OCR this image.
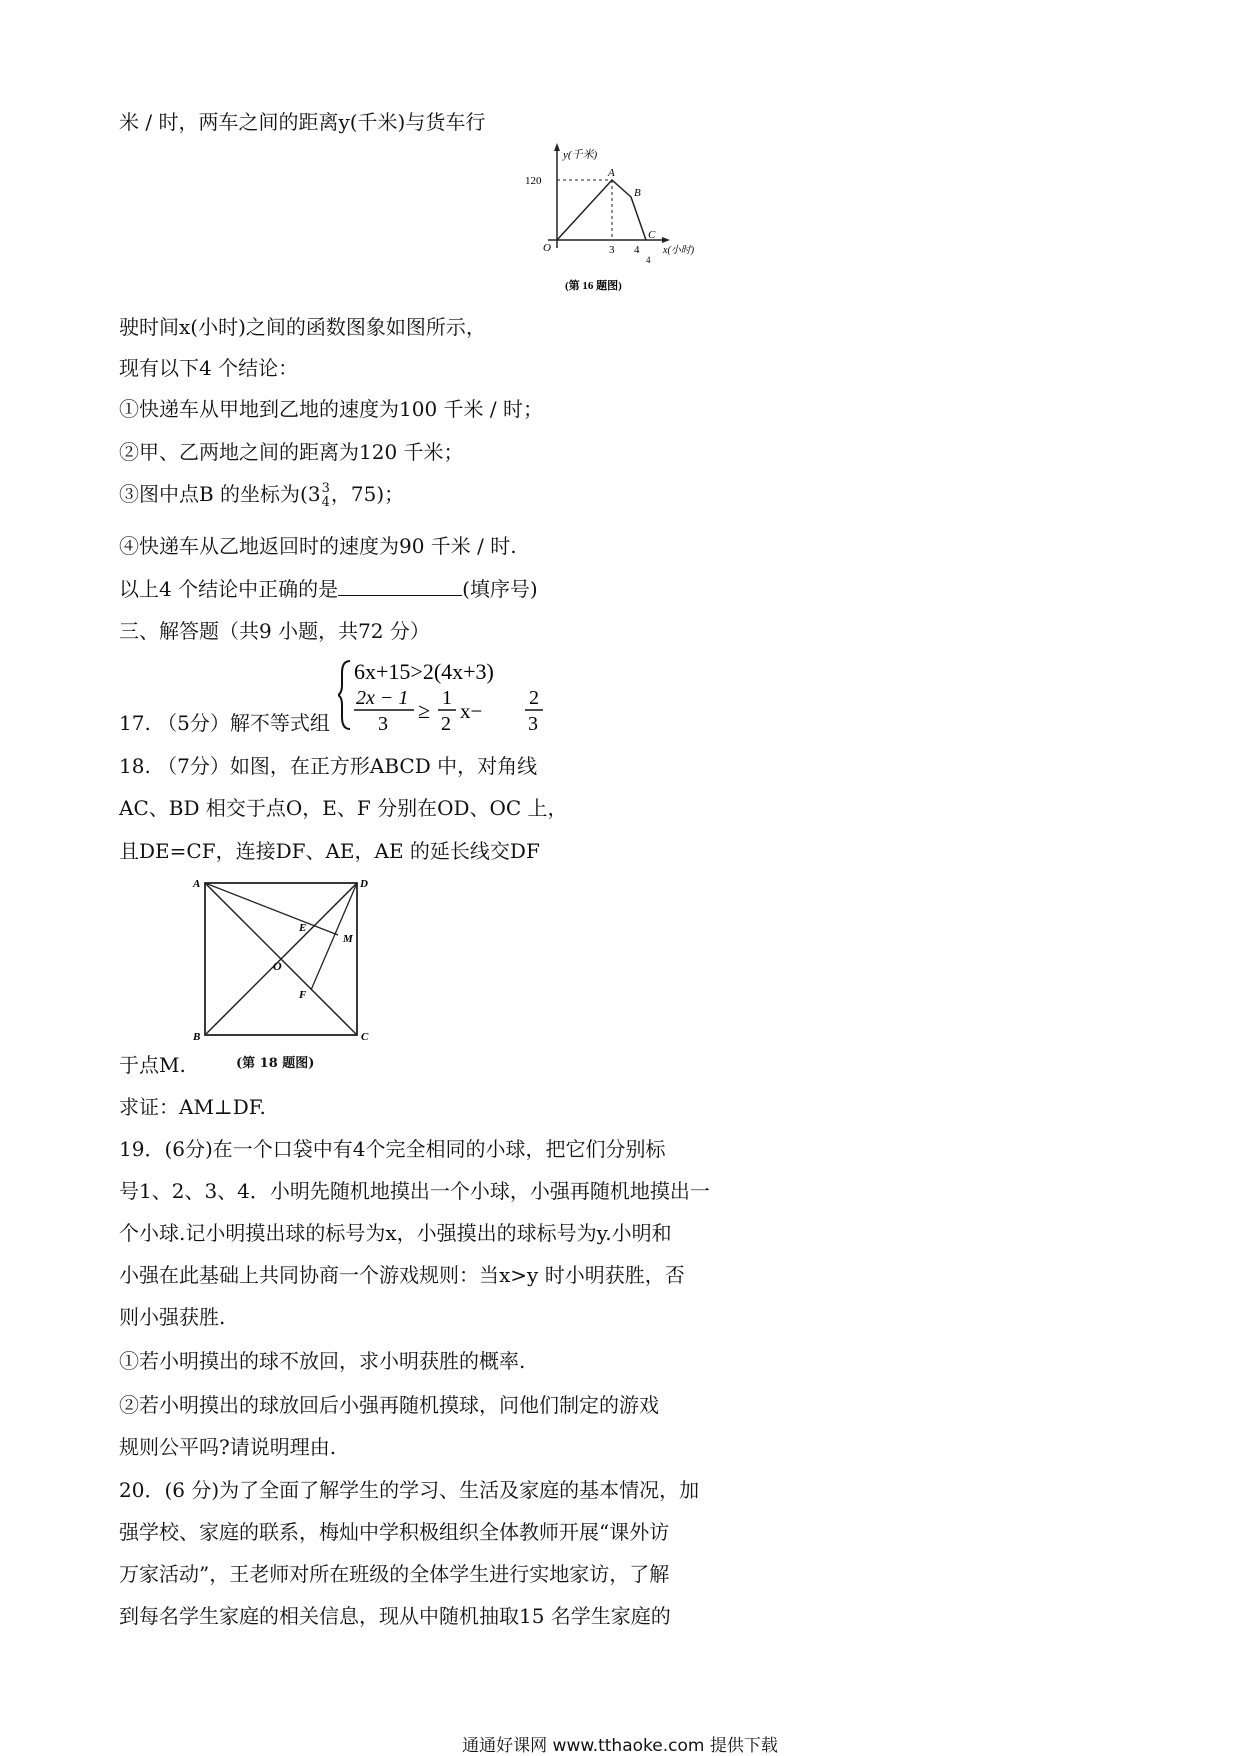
米 / 时，两车之间的距离y(千米)与货车行
y(千米)
120
A
B
C
O	3 4
4
x(小时)
(第 16 题图)
驶时间x(小时)之间的函数图象如图所示，
现有以下4 个结论：
①快递车从甲地到乙地的速度为100 千米 / 时；
②甲、乙两地之间的距离为120 千米；
③图中点B 的坐标为(3 3
4 ，75)；
④快递车从乙地返回时的速度为90 千米 / 时.
以上4 个结论中正确的是	(填序号)
三、解答题（共9 小题，共72 分）
6x+15>2(4x+3)
2x − 1
3
≥ 1
2
x−
2
3
17. （5分）解不等式组
18. （7分）如图，在正方形ABCD 中，对角线
AC、BD 相交于点O，E、F 分别在OD、OC 上，
且DE=CF，连接DF、AE，AE 的延长线交DF
A	D
B	C
E
M
O
F
于点M.	(第 18 题图)
求证：AM⊥DF.
19．(6分)在一个口袋中有4个完全相同的小球，把它们分别标
号1、2、3、4．小明先随机地摸出一个小球，小强再随机地摸出一
个小球.记小明摸出球的标号为x，小强摸出的球标号为y.小明和
小强在此基础上共同协商一个游戏规则：当x>y 时小明获胜，否
则小强获胜.
①若小明摸出的球不放回，求小明获胜的概率.
②若小明摸出的球放回后小强再随机摸球，问他们制定的游戏
规则公平吗?请说明理由.
20．(6 分)为了全面了解学生的学习、生活及家庭的基本情况，加
强学校、家庭的联系，梅灿中学积极组织全体教师开展“课外访
万家活动”，王老师对所在班级的全体学生进行实地家访，了解
到每名学生家庭的相关信息，现从中随机抽取15 名学生家庭的
通通好课网 www.tthaoke.com 提供下载
